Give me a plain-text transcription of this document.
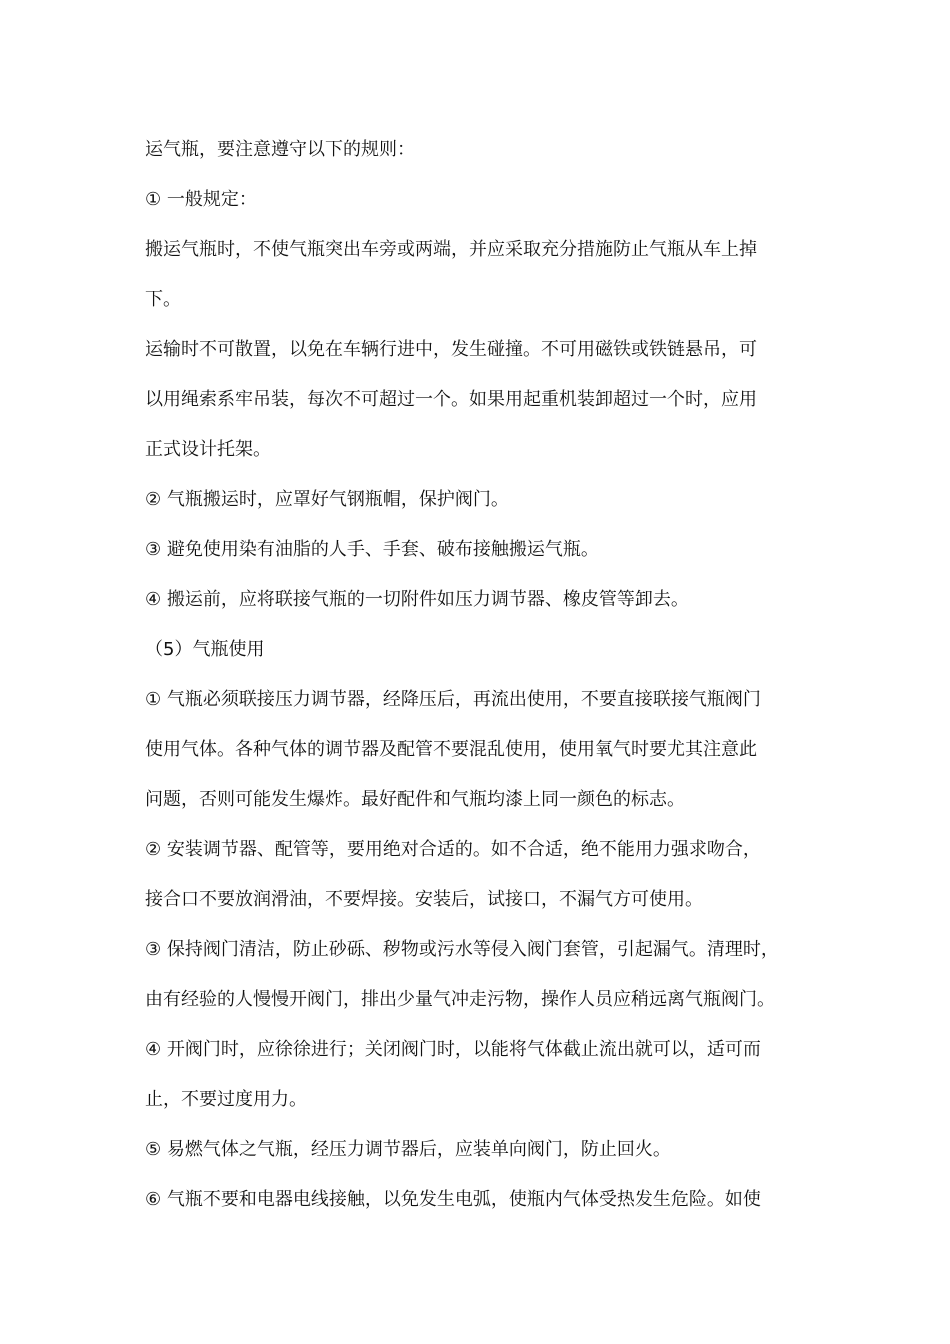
运气瓶，要注意遵守以下的规则：
① 一般规定：
搬运气瓶时，不使气瓶突出车旁或两端，并应采取充分措施防止气瓶从车上掉
下。
运输时不可散置，以免在车辆行进中，发生碰撞。不可用磁铁或铁链悬吊，可
以用绳索系牢吊装，每次不可超过一个。如果用起重机装卸超过一个时，应用
正式设计托架。
② 气瓶搬运时，应罩好气钢瓶帽，保护阀门。
③ 避免使用染有油脂的人手、手套、破布接触搬运气瓶。
④ 搬运前，应将联接气瓶的一切附件如压力调节器、橡皮管等卸去。
（5）气瓶使用
① 气瓶必须联接压力调节器，经降压后，再流出使用，不要直接联接气瓶阀门
使用气体。各种气体的调节器及配管不要混乱使用，使用氧气时要尤其注意此
问题，否则可能发生爆炸。最好配件和气瓶均漆上同一颜色的标志。
② 安装调节器、配管等，要用绝对合适的。如不合适，绝不能用力强求吻合，
接合口不要放润滑油，不要焊接。安装后，试接口，不漏气方可使用。
③ 保持阀门清洁，防止砂砾、秽物或污水等侵入阀门套管，引起漏气。清理时，
由有经验的人慢慢开阀门，排出少量气冲走污物，操作人员应稍远离气瓶阀门。
④ 开阀门时，应徐徐进行；关闭阀门时，以能将气体截止流出就可以，适可而
止，不要过度用力。
⑤ 易燃气体之气瓶，经压力调节器后，应装单向阀门，防止回火。
⑥ 气瓶不要和电器电线接触，以免发生电弧，使瓶内气体受热发生危险。如使
